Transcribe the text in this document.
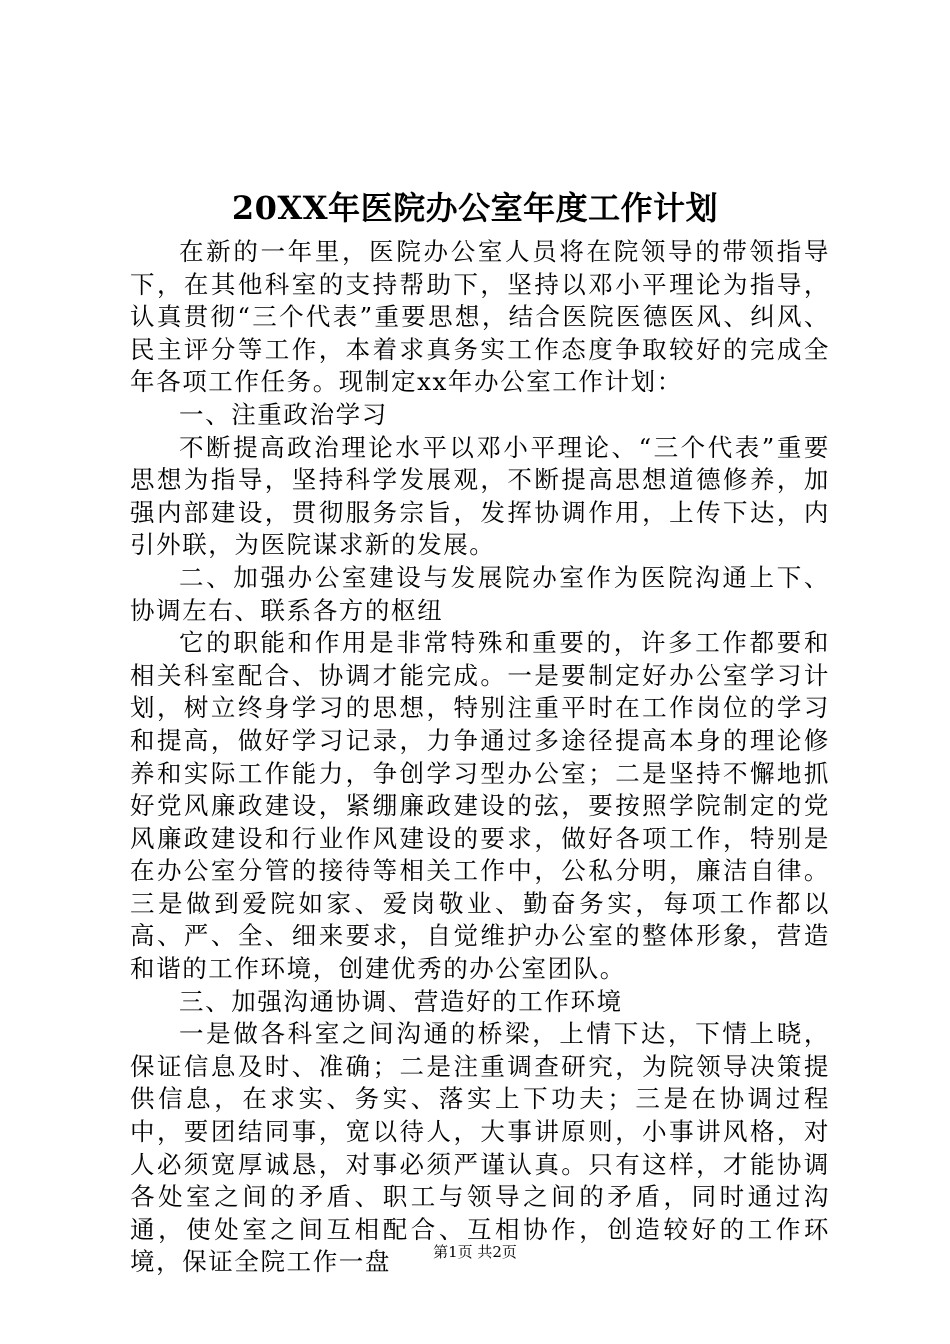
20XX年医院办公室年度工作计划

在新的一年里，医院办公室人员将在院领导的带领指导下，在其他科室的支持帮助下，坚持以邓小平理论为指导，认真贯彻“三个代表”重要思想，结合医院医德医风、纠风、民主评分等工作，本着求真务实工作态度争取较好的完成全年各项工作任务。现制定xx年办公室工作计划：

一、注重政治学习

不断提高政治理论水平以邓小平理论、“三个代表”重要思想为指导，坚持科学发展观，不断提高思想道德修养，加强内部建设，贯彻服务宗旨，发挥协调作用，上传下达，内引外联，为医院谋求新的发展。

二、加强办公室建设与发展院办室作为医院沟通上下、协调左右、联系各方的枢纽

它的职能和作用是非常特殊和重要的，许多工作都要和相关科室配合、协调才能完成。一是要制定好办公室学习计划，树立终身学习的思想，特别注重平时在工作岗位的学习和提高，做好学习记录，力争通过多途径提高本身的理论修养和实际工作能力，争创学习型办公室；二是坚持不懈地抓好党风廉政建设，紧绷廉政建设的弦，要按照学院制定的党风廉政建设和行业作风建设的要求，做好各项工作，特别是在办公室分管的接待等相关工作中，公私分明，廉洁自律。三是做到爱院如家、爱岗敬业、勤奋务实，每项工作都以高、严、全、细来要求，自觉维护办公室的整体形象，营造和谐的工作环境，创建优秀的办公室团队。

三、加强沟通协调、营造好的工作环境

一是做各科室之间沟通的桥梁，上情下达，下情上晓，保证信息及时、准确；二是注重调查研究，为院领导决策提供信息，在求实、务实、落实上下功夫；三是在协调过程中，要团结同事，宽以待人，大事讲原则，小事讲风格，对人必须宽厚诚恳，对事必须严谨认真。只有这样，才能协调各处室之间的矛盾、职工与领导之间的矛盾，同时通过沟通，使处室之间互相配合、互相协作，创造较好的工作环境，保证全院工作一盘	第1页 共2页
